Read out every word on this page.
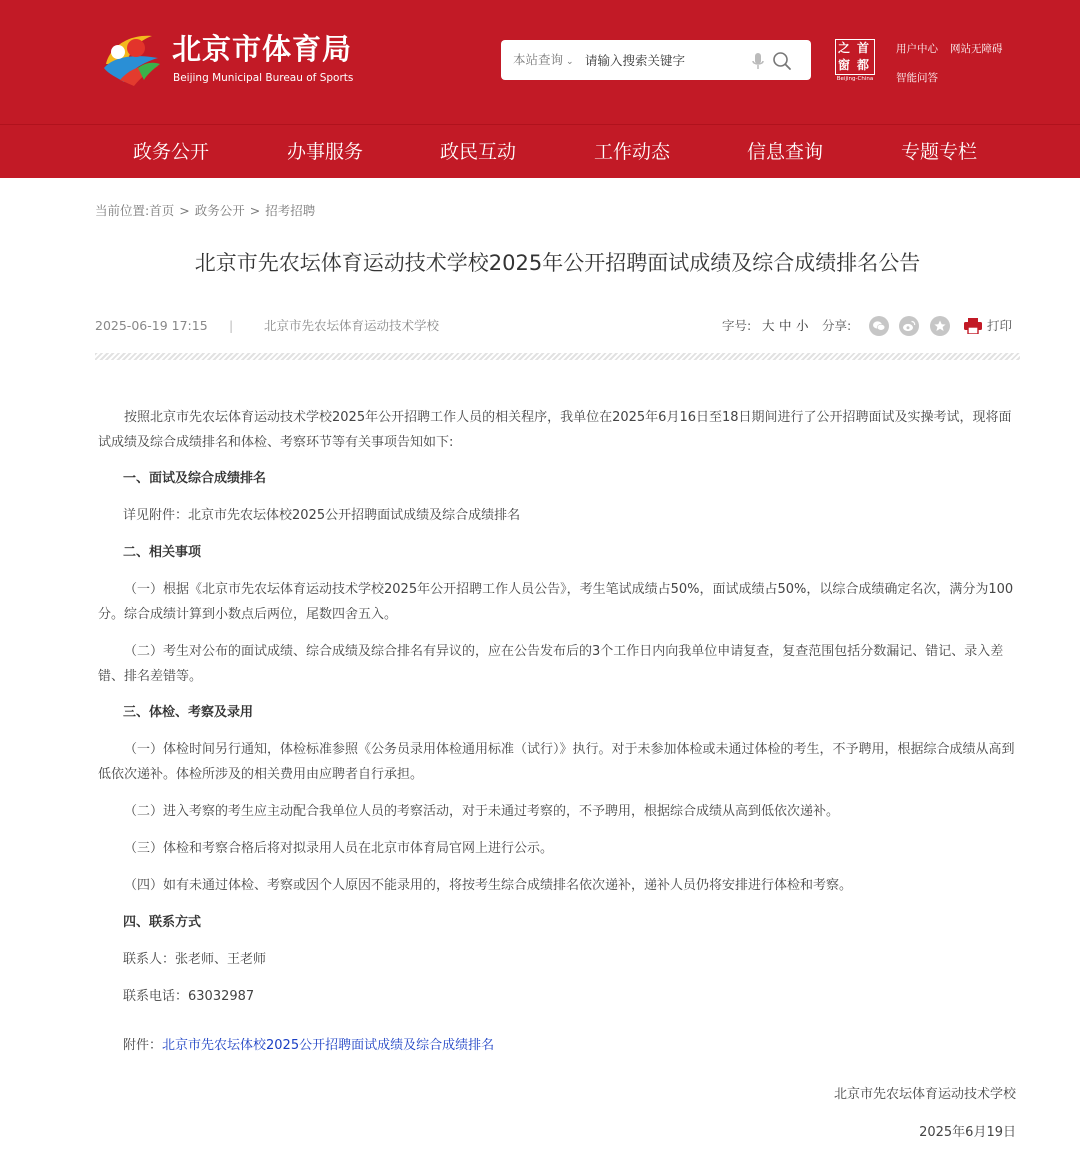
北京市体育局
Beijing Municipal Bureau of Sports
本站查询 ⌄
请输入搜索关键字
之 首
窗 都
Beijing-China
用户中心 网站无障碍
智能问答
政务公开	办事服务	政民互动	工作动态	信息查询	专题专栏
当前位置:首页 > 政务公开 > 招考招聘
北京市先农坛体育运动技术学校2025年公开招聘面试成绩及综合成绩排名公告
2025-06-19 17:15 | 北京市先农坛体育运动技术学校	字号: 大 中 小 分享:	打印
按照北京市先农坛体育运动技术学校2025年公开招聘工作人员的相关程序，我单位在2025年6月16日至18日期间进行了公开招聘面试及实操考试，现将面试成绩及综合成绩排名和体检、考察环节等有关事项告知如下:
一、面试及综合成绩排名
详见附件：北京市先农坛体校2025公开招聘面试成绩及综合成绩排名
二、相关事项
（一）根据《北京市先农坛体育运动技术学校2025年公开招聘工作人员公告》，考生笔试成绩占50%，面试成绩占50%，以综合成绩确定名次，满分为100分。综合成绩计算到小数点后两位，尾数四舍五入。
（二）考生对公布的面试成绩、综合成绩及综合排名有异议的，应在公告发布后的3个工作日内向我单位申请复查，复查范围包括分数漏记、错记、录入差错、排名差错等。
三、体检、考察及录用
（一）体检时间另行通知，体检标准参照《公务员录用体检通用标准（试行）》执行。对于未参加体检或未通过体检的考生，不予聘用，根据综合成绩从高到低依次递补。体检所涉及的相关费用由应聘者自行承担。
（二）进入考察的考生应主动配合我单位人员的考察活动，对于未通过考察的，不予聘用，根据综合成绩从高到低依次递补。
（三）体检和考察合格后将对拟录用人员在北京市体育局官网上进行公示。
（四）如有未通过体检、考察或因个人原因不能录用的，将按考生综合成绩排名依次递补，递补人员仍将安排进行体检和考察。
四、联系方式
联系人：张老师、王老师
联系电话：63032987
附件：北京市先农坛体校2025公开招聘面试成绩及综合成绩排名
北京市先农坛体育运动技术学校
2025年6月19日
